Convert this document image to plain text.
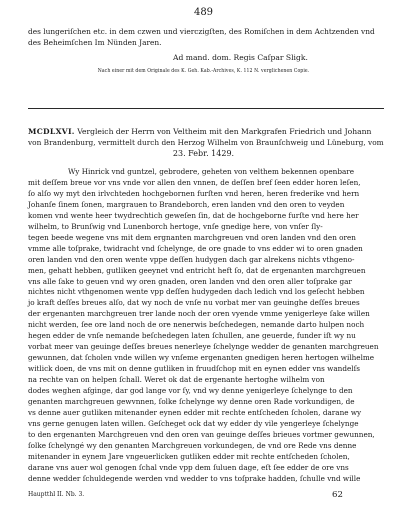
489
des lungeriſchen etc. in dem czwen und vierczigſten, des Romiſchen in dem Achtzenden vnd
des Beheimſchen Im Nünden Jaren.
Ad mand. dom. Regis Caſpar Sligk.
Nach einer mit dem Originale des K. Geh. Kab.-Archives, K. 112 N. verglichenen Copie.
MCDLXVI. Vergleich der Herrn von Veltheim mit den Markgrafen Friedrich und Johann
von Brandenburg, vermittelt durch den Herzog Wilhelm von Braunſchweig und Lüneburg, vom
23. Febr. 1429.
Wy Hinrick vnd guntzel, gebrodere, geheten von velthem bekennen openbare
mit deſſem breue vor vns vnde vor allen den vnnen, de deſſen bref ſeen edder horen leſen,
ſo alſo wy myt den irlvchteden hochgebornen furſten vnd heren, heren frederike vnd hern
Johanſe ſinem ſonen, margrauen to Brandeborch, eren landen vnd den oren to veyden
komen vnd wente heer twydrechtich geweſen ſin, dat de hochgeborne furſte vnd here her
wilhelm, to Brunſwig vnd Lunenborch hertoge, vnſe gnedige here, von vnſer ſly-
tegen beede wegene vns mit dem ergnanten marchgreuen vnd oren landen vnd den oren
vmme alle toſprake, twidracht vnd ſchelynge, de ore gnade to vns edder wi to oren gnaden
oren landen vnd den oren wente vppe deſſen hudygen dach gar alrekens nichts vthgeno-
men, gehatt hebben, gutliken geeynet vnd entricht heft ſo, dat de ergenanten marchgreuen
vns alle ſake to geuen vnd wy oren gnaden, oren landen vnd den oren aller toſprake gar
nichtes nicht vthgenomen wente vpp deſſen hudygeden dach ledich vnd los geſecht hebben
jo kraft deſſes breues alſo, dat wy noch de vnſe nu vorbat mer van geuinghe deſſes breues
der ergenanten marchgreuen trer lande noch der oren vyende vmme yenigerleye ſake willen
nicht werden, ſee ore land noch de ore nenerwis beſchedegen, nemande darto hulpen noch
hegen edder de vnſe nemande beſchedegen laten ſchullen, ane geuerde, funder iſt wy nu
vorbat meer van geuinge deſſes breues nenerleye ſchelynge wedder de genanten marchgreuen
gewunnen, dat ſcholen vnde willen wy vnſeme ergenanten gnedigen heren hertogen wilhelme
witlick doen, de vns mit on denne gutliken in fruudſchop mit en eynen edder vns wandelſs
na rechte van on helpen ſchall. Weret ok dat de ergenante hertoghe wilhelm von
dodes weghen afginge, dar god lange vor ſy, vnd wy denne yenigerleye ſchelynge to den
genanten marchgreuen gewvnnen, ſolke ſchelynge wy denne oren Rade vorkundigen, de
vs denne auer gutliken mitenander eynen edder mit rechte entſcheden ſcholen, darane wy
vns gerne genugen laten willen. Geſcheget ock dat wy edder dy vile yengerleye ſchelynge
to den ergenanten Marchgreuen vnd den oren van geuinge deſſes brieues vortmer gewunnen,
ſolke ſchelyngé wy den genanten Marchgreuen vorkundegen, de vnd ore Rede vns denne
mitenander in eynem Jare vngeuerlicken gutliken edder mit rechte entſcheden ſcholen,
darane vns auer wol genogen ſchal vnde vpp dem ſuluen dage, eſt ſee edder de ore vns
denne wedder ſchuldegende werden vnd wedder to vns toſprake hadden, ſchulle vnd wille
Hauptthl II. Nb. 3.	62
